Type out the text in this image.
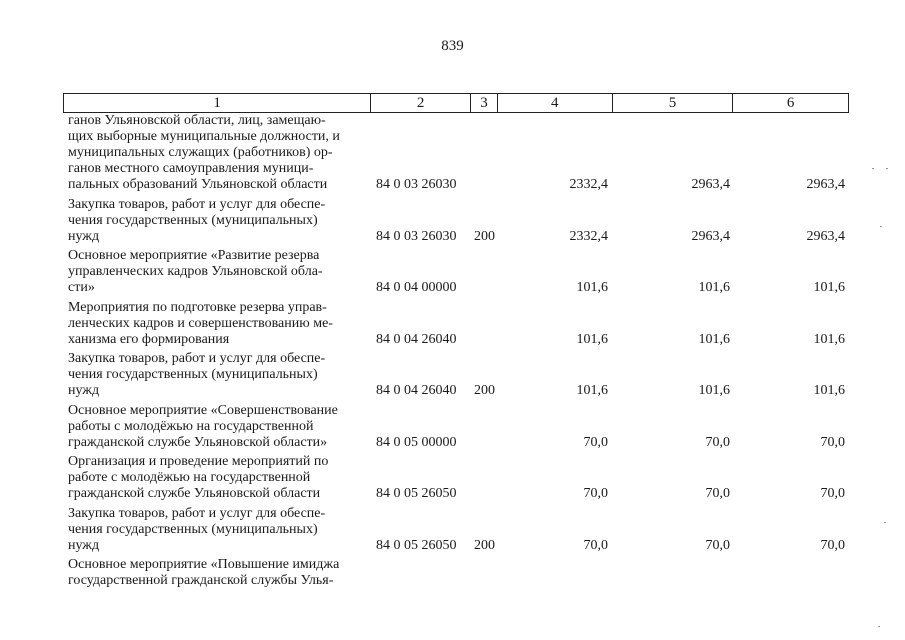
839
1	2	3	4	5	6
ганов Ульяновской области, лиц, замещаю-
щих выборные муниципальные должности, и
муниципальных служащих (работников) ор-
ганов местного самоуправления муници-
пальных образований Ульяновской области	84 0 03 26030	2332,4	2963,4	2963,4
Закупка товаров, работ и услуг для обеспе-
чения государственных (муниципальных)
нужд	84 0 03 26030 200	2332,4	2963,4	2963,4
Основное мероприятие «Развитие резерва
управленческих кадров Ульяновской обла-
сти»	84 0 04 00000	101,6	101,6	101,6
Мероприятия по подготовке резерва управ-
ленческих кадров и совершенствованию ме-
ханизма его формирования	84 0 04 26040	101,6	101,6	101,6
Закупка товаров, работ и услуг для обеспе-
чения государственных (муниципальных)
нужд	84 0 04 26040 200	101,6	101,6	101,6
Основное мероприятие «Совершенствование
работы с молодёжью на государственной
гражданской службе Ульяновской области»	84 0 05 00000	70,0	70,0	70,0
Организация и проведение мероприятий по
работе с молодёжью на государственной
гражданской службе Ульяновской области	84 0 05 26050	70,0	70,0	70,0
Закупка товаров, работ и услуг для обеспе-
чения государственных (муниципальных)
нужд	84 0 05 26050 200	70,0	70,0	70,0
Основное мероприятие «Повышение имиджа
государственной гражданской службы Улья-
